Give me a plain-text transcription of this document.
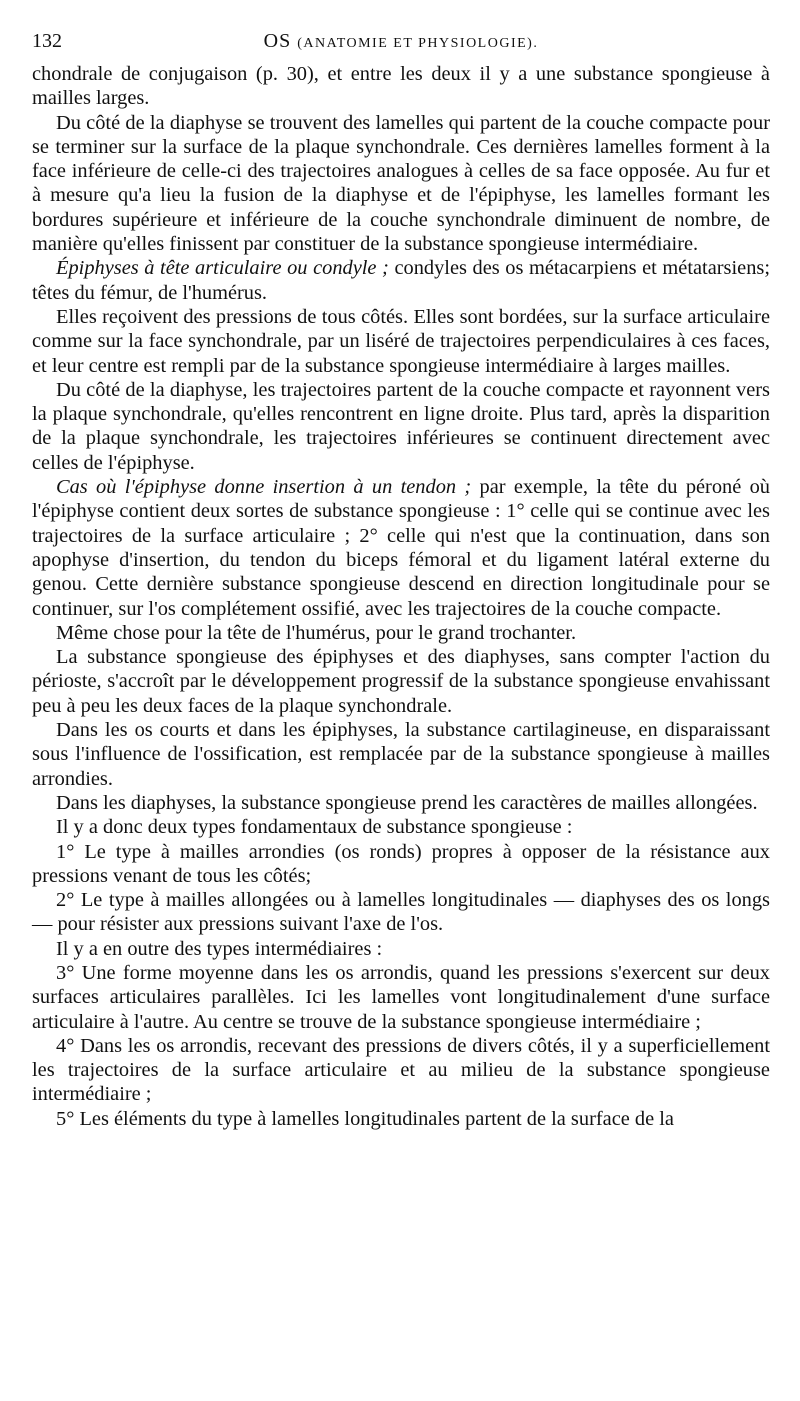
132	OS (ANATOMIE ET PHYSIOLOGIE).

chondrale de conjugaison (p. 30), et entre les deux il y a une substance spongieuse à mailles larges.

Du côté de la diaphyse se trouvent des lamelles qui partent de la couche compacte pour se terminer sur la surface de la plaque synchondrale. Ces dernières lamelles forment à la face inférieure de celle-ci des trajectoires analogues à celles de sa face opposée. Au fur et à mesure qu'a lieu la fusion de la diaphyse et de l'épiphyse, les lamelles formant les bordures supérieure et inférieure de la couche synchondrale diminuent de nombre, de manière qu'elles finissent par constituer de la substance spongieuse intermédiaire.

Épiphyses à tête articulaire ou condyle ; condyles des os métacarpiens et métatarsiens; têtes du fémur, de l'humérus.

Elles reçoivent des pressions de tous côtés. Elles sont bordées, sur la surface articulaire comme sur la face synchondrale, par un liséré de trajectoires perpendiculaires à ces faces, et leur centre est rempli par de la substance spongieuse intermédiaire à larges mailles.

Du côté de la diaphyse, les trajectoires partent de la couche compacte et rayonnent vers la plaque synchondrale, qu'elles rencontrent en ligne droite. Plus tard, après la disparition de la plaque synchondrale, les trajectoires inférieures se continuent directement avec celles de l'épiphyse.

Cas où l'épiphyse donne insertion à un tendon ; par exemple, la tête du péroné où l'épiphyse contient deux sortes de substance spongieuse : 1° celle qui se continue avec les trajectoires de la surface articulaire ; 2° celle qui n'est que la continuation, dans son apophyse d'insertion, du tendon du biceps fémoral et du ligament latéral externe du genou. Cette dernière substance spongieuse descend en direction longitudinale pour se continuer, sur l'os complétement ossifié, avec les trajectoires de la couche compacte.

Même chose pour la tête de l'humérus, pour le grand trochanter.

La substance spongieuse des épiphyses et des diaphyses, sans compter l'action du périoste, s'accroît par le développement progressif de la substance spongieuse envahissant peu à peu les deux faces de la plaque synchondrale.

Dans les os courts et dans les épiphyses, la substance cartilagineuse, en disparaissant sous l'influence de l'ossification, est remplacée par de la substance spongieuse à mailles arrondies.

Dans les diaphyses, la substance spongieuse prend les caractères de mailles allongées.

Il y a donc deux types fondamentaux de substance spongieuse :

1° Le type à mailles arrondies (os ronds) propres à opposer de la résistance aux pressions venant de tous les côtés;

2° Le type à mailles allongées ou à lamelles longitudinales — diaphyses des os longs — pour résister aux pressions suivant l'axe de l'os.

Il y a en outre des types intermédiaires :

3° Une forme moyenne dans les os arrondis, quand les pressions s'exercent sur deux surfaces articulaires parallèles. Ici les lamelles vont longitudinalement d'une surface articulaire à l'autre. Au centre se trouve de la substance spongieuse intermédiaire ;

4° Dans les os arrondis, recevant des pressions de divers côtés, il y a superficiellement les trajectoires de la surface articulaire et au milieu de la substance spongieuse intermédiaire ;

5° Les éléments du type à lamelles longitudinales partent de la surface de la
